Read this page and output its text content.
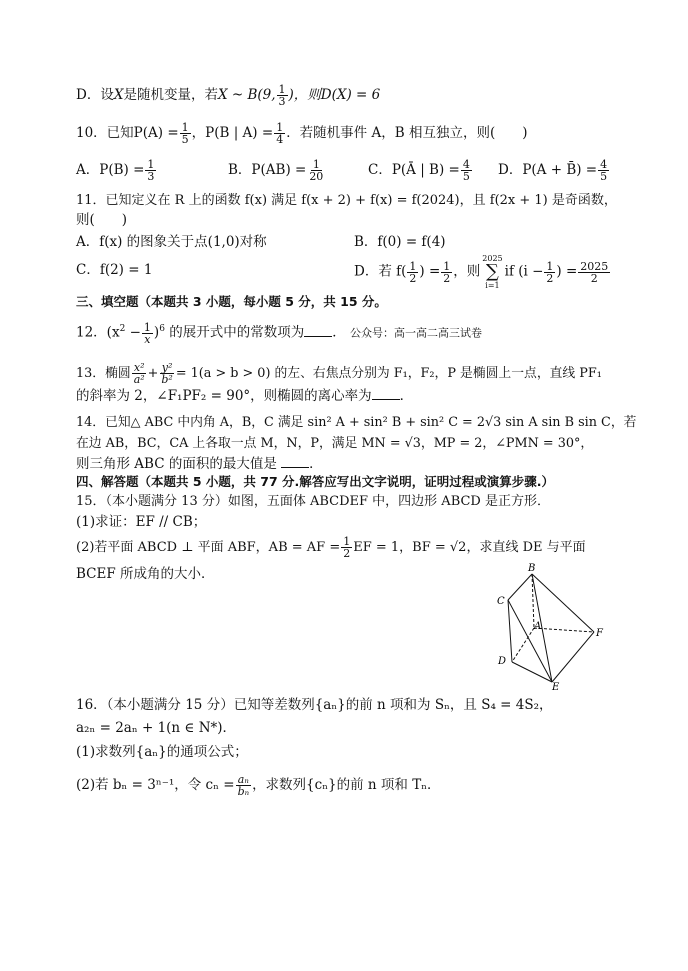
D．设X是随机变量，若X ~ B(9, $\frac{1}{3}$ )，则D(X) = 6
10．已知$P(A) = \frac{1}{5}$ ，P(B | $A) = \frac{1}{4}$ ．若随机事件 A，B 相互独立，则(　　)
A．$P(B) = \frac{1}{3}$	B．$P(AB) = \frac{1}{20}$	C．P(Ā | $B) = \frac{4}{5}$ D．P(A + B̄) = $\frac{4}{5}$
11．已知定义在 R 上的函数 f(x) 满足 f(x + 2) + f(x) = f(2024)，且 f(2x + 1) 是奇函数，
则(　　)
A．f(x) 的图象关于点(1,0)对称	B．f(0) = f(4)
C．f(2) = 1	D．若 $f( \frac{1}{2}$ ) = $\frac{1}{2}$ ，则
2025
∑
i=1
if ($i - \frac{1}{2}$ ) = $\frac{2025}{2}$
三、填空题（本题共 3 小题，每小题 5 分，共 15 分。
12．$(x^2 - \frac{1}{x} )^6$ 的展开式中的常数项为 ． 公众号：高一高二高三试卷
13．椭圆 $\frac{\text{x²}}{\text{a²}} + \frac{\text{y²}}{\text{b²}} = 1(a > b > 0)$ 的左、右焦点分别为 F₁，F₂，P 是椭圆上一点，直线 PF₁
的斜率为 2，∠F₁PF₂ = 90°，则椭圆的离心率为 ．
14．已知△ ABC 中内角 A，B，C 满足 sin² A + sin² B + sin² C = 2√3 sin A sin B sin C，若
在边 AB，BC，CA 上各取一点 M，N，P，满足 MN = √3，MP = 2，∠PMN = 30°，
则三角形 ABC 的面积的最大值是 ．
四、解答题（本题共 5 小题，共 77 分.解答应写出文字说明，证明过程或演算步骤.）
15．（本小题满分 13 分）如图，五面体 ABCDEF 中，四边形 ABCD 是正方形．
(1)求证：EF // CB；
(2)若平面 ABCD ⊥ 平面 ABF，AB = AF = $\frac{1}{2}$ EF = 1，BF = √2，求直线 DE 与平面
BCEF 所成角的大小．	B
C
A
F
D
E
16．（本小题满分 15 分）已知等差数列{aₙ}的前 n 项和为 Sₙ，且 S₄ = 4S₂，
a₂ₙ = 2aₙ + 1(n ∈ N*)．
(1)求数列{aₙ}的通项公式；
(2)若 bₙ = 3ⁿ⁻¹，令 $c_n = \frac{\text{aₙ}}{\text{bₙ}}$ ，求数列{cₙ}的前 n 项和 Tₙ．
